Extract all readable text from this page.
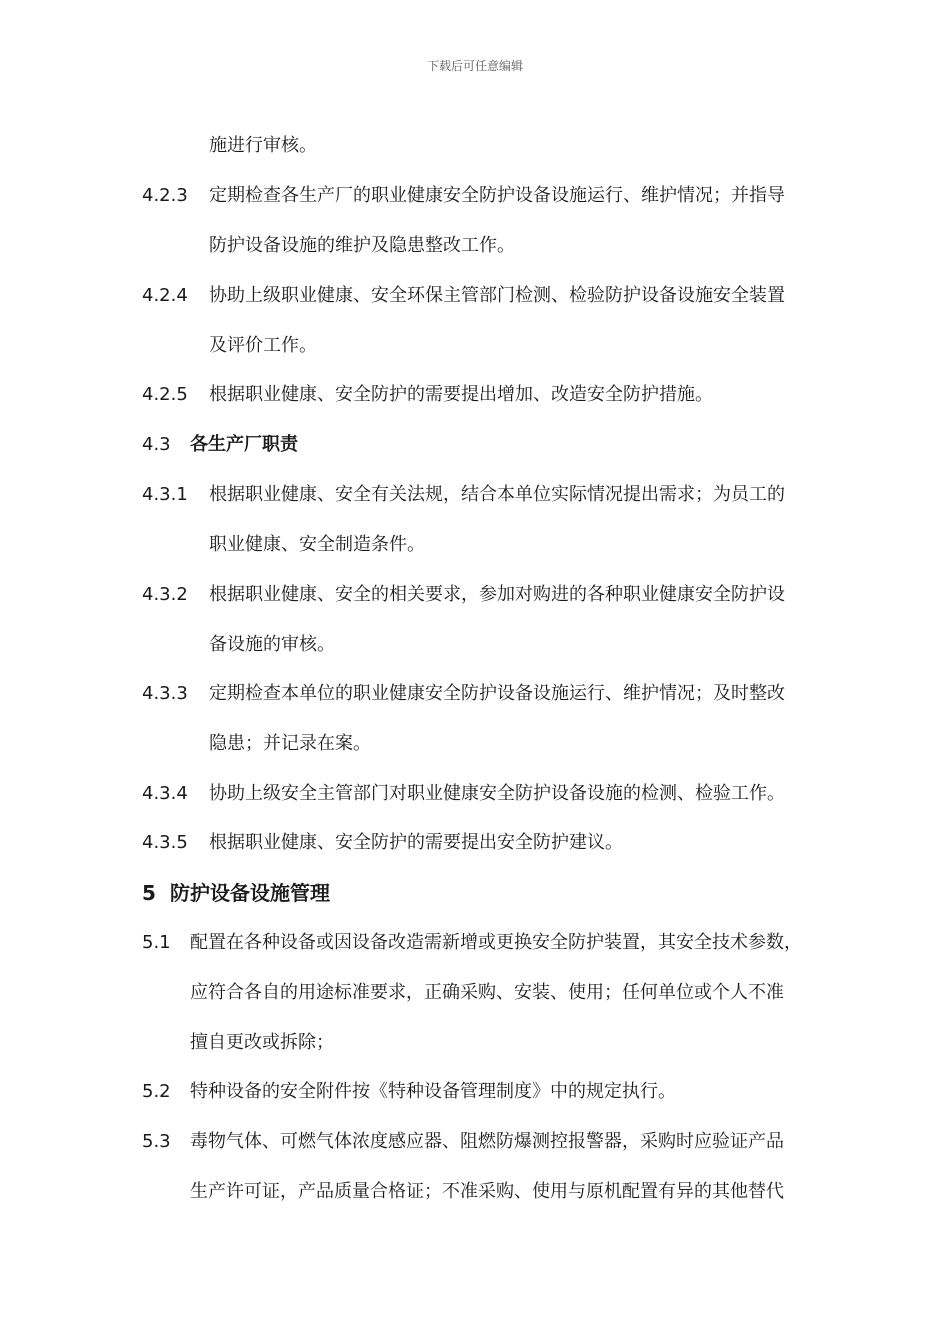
下载后可任意编辑
施进行审核。
4.2.3 定期检查各生产厂的职业健康安全防护设备设施运行、维护情况；并指导
防护设备设施的维护及隐患整改工作。
4.2.4 协助上级职业健康、安全环保主管部门检测、检验防护设备设施安全装置
及评价工作。
4.2.5 根据职业健康、安全防护的需要提出增加、改造安全防护措施。
4.3 各生产厂职责
4.3.1 根据职业健康、安全有关法规，结合本单位实际情况提出需求；为员工的
职业健康、安全制造条件。
4.3.2 根据职业健康、安全的相关要求，参加对购进的各种职业健康安全防护设
备设施的审核。
4.3.3 定期检查本单位的职业健康安全防护设备设施运行、维护情况；及时整改
隐患；并记录在案。
4.3.4 协助上级安全主管部门对职业健康安全防护设备设施的检测、检验工作。
4.3.5 根据职业健康、安全防护的需要提出安全防护建议。
5 防护设备设施管理
5.1 配置在各种设备或因设备改造需新增或更换安全防护装置，其安全技术参数，
应符合各自的用途标准要求，正确采购、安装、使用；任何单位或个人不准
擅自更改或拆除；
5.2 特种设备的安全附件按《特种设备管理制度》中的规定执行。
5.3 毒物气体、可燃气体浓度感应器、阻燃防爆测控报警器，采购时应验证产品
生产许可证，产品质量合格证；不准采购、使用与原机配置有异的其他替代
